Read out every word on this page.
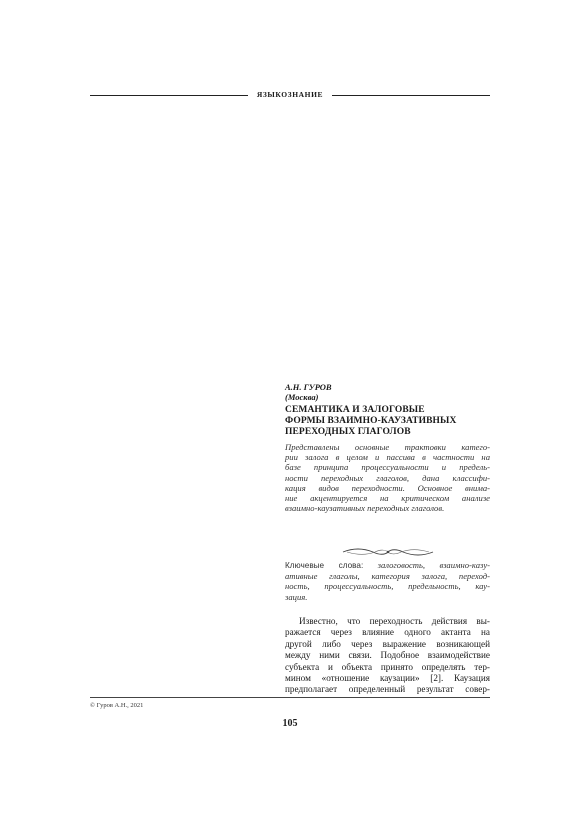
ЯЗЫКОЗНАНИЕ
А.Н. ГУРОВ
(Москва)
СЕМАНТИКА И ЗАЛОГОВЫЕ
ФОРМЫ ВЗАИМНО-КАУЗАТИВНЫХ
ПЕРЕХОДНЫХ ГЛАГОЛОВ
Представлены основные трактовки катего-
рии залога в целом и пассива в частности на
базе принципа процессуальности и предель-
ности переходных глаголов, дана классифи-
кация видов переходности. Основное внима-
ние акцентируется на критическом анализе
взаимно-каузативных переходных глаголов.
Ключевые слова: залоговость, взаимно-казу-
ативные глаголы, категория залога, переход-
ность, процессуальность, предельность, кау-
зация.
Известно, что переходность действия вы-
ражается через влияние одного актанта на
другой либо через выражение возникающей
между ними связи. Подобное взаимодействие
субъекта и объекта принято определять тер-
мином «отношение каузации» [2]. Каузация
предполагает определенный результат совер-
© Гуров А.Н., 2021
105
